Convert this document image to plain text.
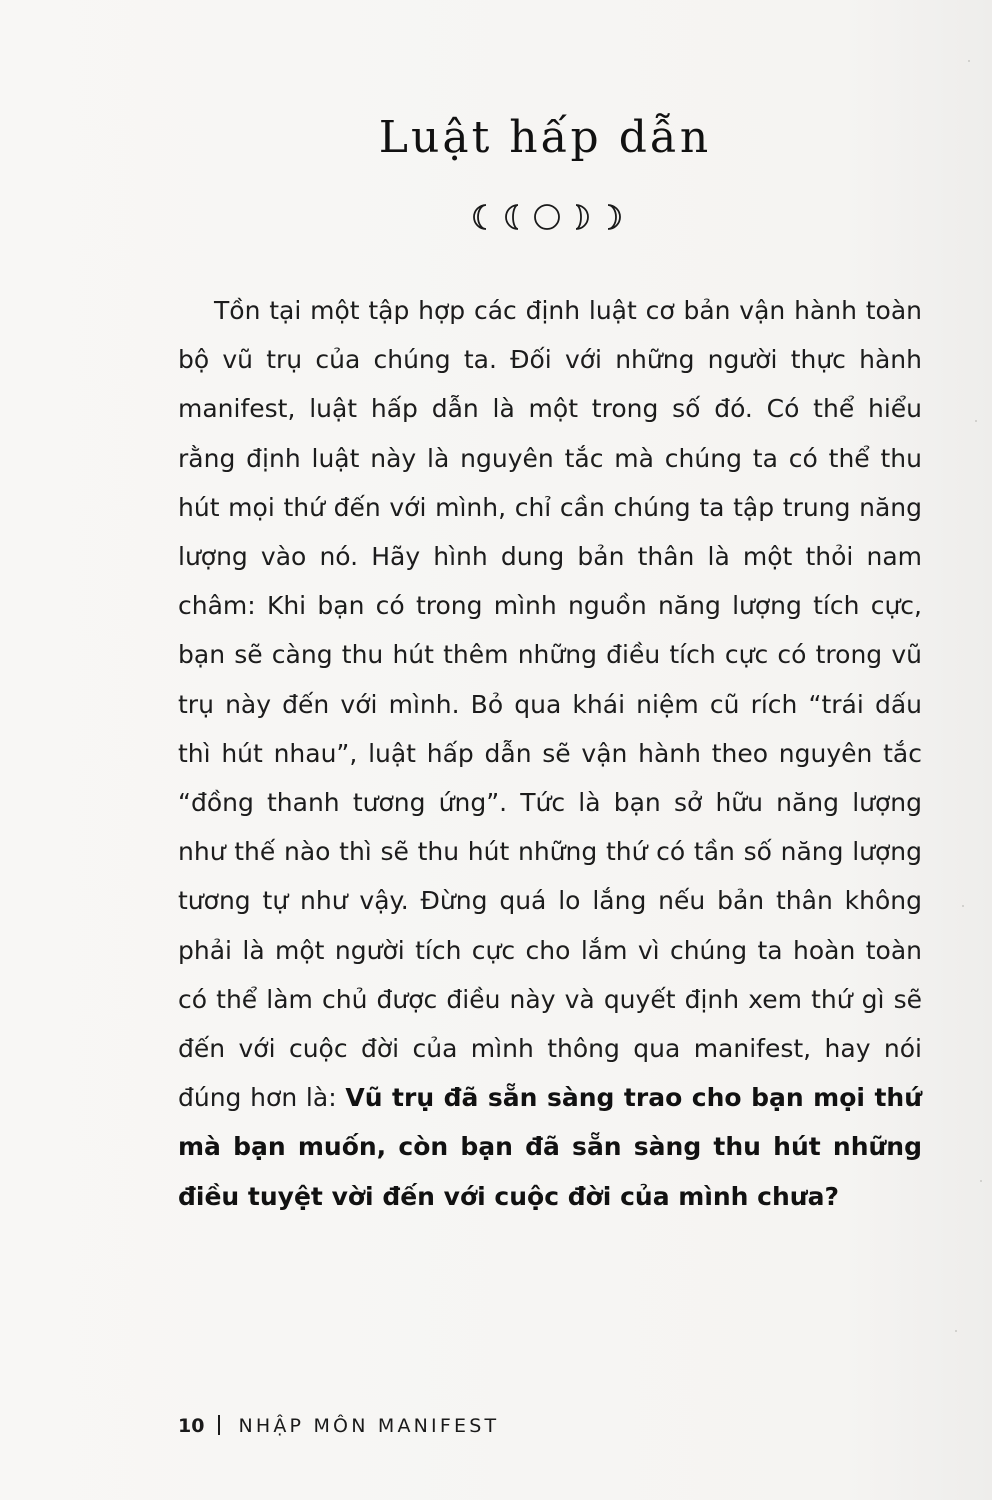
Luật hấp dẫn

Tồn tại một tập hợp các định luật cơ bản vận hành toàn bộ vũ trụ của chúng ta. Đối với những người thực hành manifest, luật hấp dẫn là một trong số đó. Có thể hiểu rằng định luật này là nguyên tắc mà chúng ta có thể thu hút mọi thứ đến với mình, chỉ cần chúng ta tập trung năng lượng vào nó. Hãy hình dung bản thân là một thỏi nam châm: Khi bạn có trong mình nguồn năng lượng tích cực, bạn sẽ càng thu hút thêm những điều tích cực có trong vũ trụ này đến với mình. Bỏ qua khái niệm cũ rích “trái dấu thì hút nhau”, luật hấp dẫn sẽ vận hành theo nguyên tắc “đồng thanh tương ứng”. Tức là bạn sở hữu năng lượng như thế nào thì sẽ thu hút những thứ có tần số năng lượng tương tự như vậy. Đừng quá lo lắng nếu bản thân không phải là một người tích cực cho lắm vì chúng ta hoàn toàn có thể làm chủ được điều này và quyết định xem thứ gì sẽ đến với cuộc đời của mình thông qua manifest, hay nói đúng hơn là: Vũ trụ đã sẵn sàng trao cho bạn mọi thứ mà bạn muốn, còn bạn đã sẵn sàng thu hút những điều tuyệt vời đến với cuộc đời của mình chưa?

10 NHẬP MÔN MANIFEST
